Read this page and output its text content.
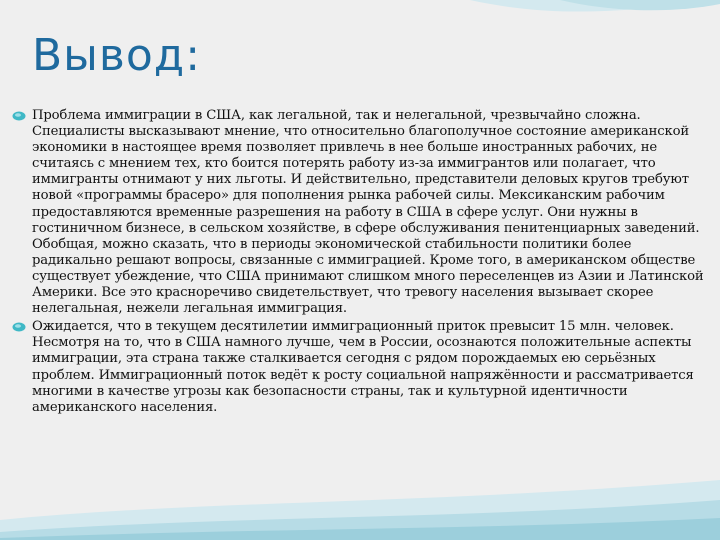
Вывод:
Проблема иммиграции в США, как легальной, так и нелегальной, чрезвычайно сложна. Специалисты высказывают мнение, что относительно благополучное состояние американской экономики в настоящее время позволяет привлечь в нее больше иностранных рабочих, не считаясь с мнением тех, кто боится потерять работу из-за иммигрантов или полагает, что иммигранты отнимают у них льготы. И действительно, представители деловых кругов требуют новой «программы брасеро» для пополнения рынка рабочей силы. Мексиканским рабочим предоставляются временные разрешения на работу в США в сфере услуг. Они нужны в гостиничном бизнесе, в сельском хозяйстве, в сфере обслуживания пенитенциарных заведений. Обобщая, можно сказать, что в периоды экономической стабильности политики более радикально решают вопросы, связанные с иммиграцией. Кроме того, в американском обществе существует убеждение, что США принимают слишком много переселенцев из Азии и Латинской Америки. Все это красноречиво свидетельствует, что тревогу населения вызывает скорее нелегальная, нежели легальная иммиграция.
Ожидается, что в текущем десятилетии иммиграционный приток превысит 15 млн. человек. Несмотря на то, что в США намного лучше, чем в России, осознаются положительные аспекты иммиграции, эта страна также сталкивается сегодня с рядом порождаемых ею серьёзных проблем. Иммиграционный поток ведёт к росту социальной напряжённости и рассматривается многими в качестве угрозы как безопасности страны, так и культурной идентичности американского населения.
